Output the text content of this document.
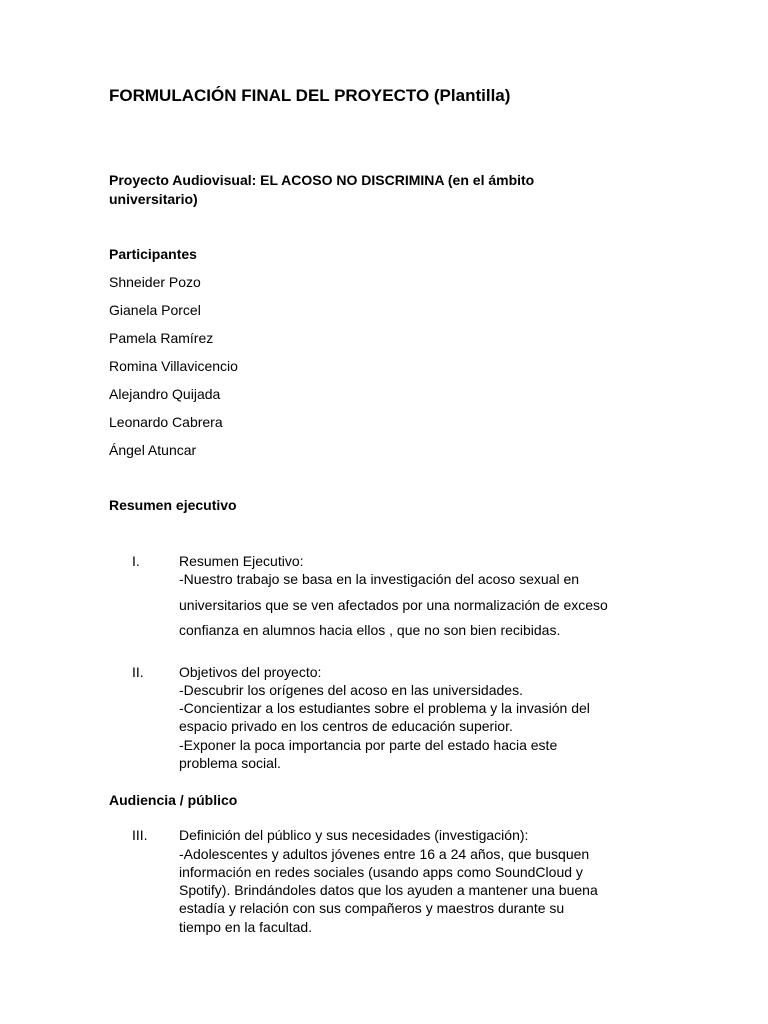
FORMULACIÓN FINAL DEL PROYECTO (Plantilla)
Proyecto Audiovisual: EL ACOSO NO DISCRIMINA (en el ámbito
universitario)
Participantes
Shneider Pozo
Gianela Porcel
Pamela Ramírez
Romina Villavicencio
Alejandro Quijada
Leonardo Cabrera
Ángel Atuncar
Resumen ejecutivo
I.	Resumen Ejecutivo:
-Nuestro trabajo se basa en la investigación del acoso sexual en
universitarios que se ven afectados por una normalización de exceso
confianza en alumnos hacia ellos , que no son bien recibidas.
II.	Objetivos del proyecto:
-Descubrir los orígenes del acoso en las universidades.
-Concientizar a los estudiantes sobre el problema y la invasión del
espacio privado en los centros de educación superior.
-Exponer la poca importancia por parte del estado hacia este
problema social.
Audiencia / público
III. Definición del público y sus necesidades (investigación):
-Adolescentes y adultos jóvenes entre 16 a 24 años, que busquen
información en redes sociales (usando apps como SoundCloud y
Spotify). Brindándoles datos que los ayuden a mantener una buena
estadía y relación con sus compañeros y maestros durante su
tiempo en la facultad.
